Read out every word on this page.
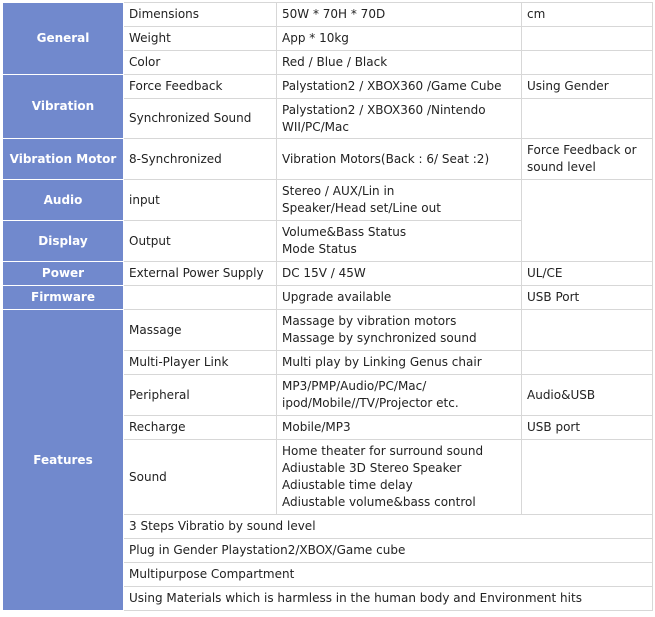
General	Dimensions	50W * 70H * 70D	cm
	Weight	App * 10kg	
	Color	Red / Blue / Black	
Vibration	Force Feedback	Palystation2 / XBOX360 /Game Cube	Using Gender
	Synchronized Sound	Palystation2 / XBOX360 /Nintendo
WII/PC/Mac	
Vibration Motor	8-Synchronized	Vibration Motors(Back : 6/ Seat :2)	Force Feedback or
sound level
Audio	input	Stereo / AUX/Lin in
Speaker/Head set/Line out	
Display	Output	Volume&Bass Status
Mode Status	
Power	External Power Supply	DC 15V / 45W	UL/CE
Firmware		Upgrade available	USB Port
Features	Massage	Massage by vibration motors
Massage by synchronized sound	
	Multi-Player Link	Multi play by Linking Genus chair	
	Peripheral	MP3/PMP/Audio/PC/Mac/
ipod/Mobile//TV/Projector etc.	Audio&USB
	Recharge	Mobile/MP3	USB port
	Sound	Home theater for surround sound
Adiustable 3D Stereo Speaker
Adiustable time delay
Adiustable volume&bass control	
	3 Steps Vibratio by sound level		
	Plug in Gender Playstation2/XBOX/Game cube		
	Multipurpose Compartment		
	Using Materials which is harmless in the human body and Environment hits		
